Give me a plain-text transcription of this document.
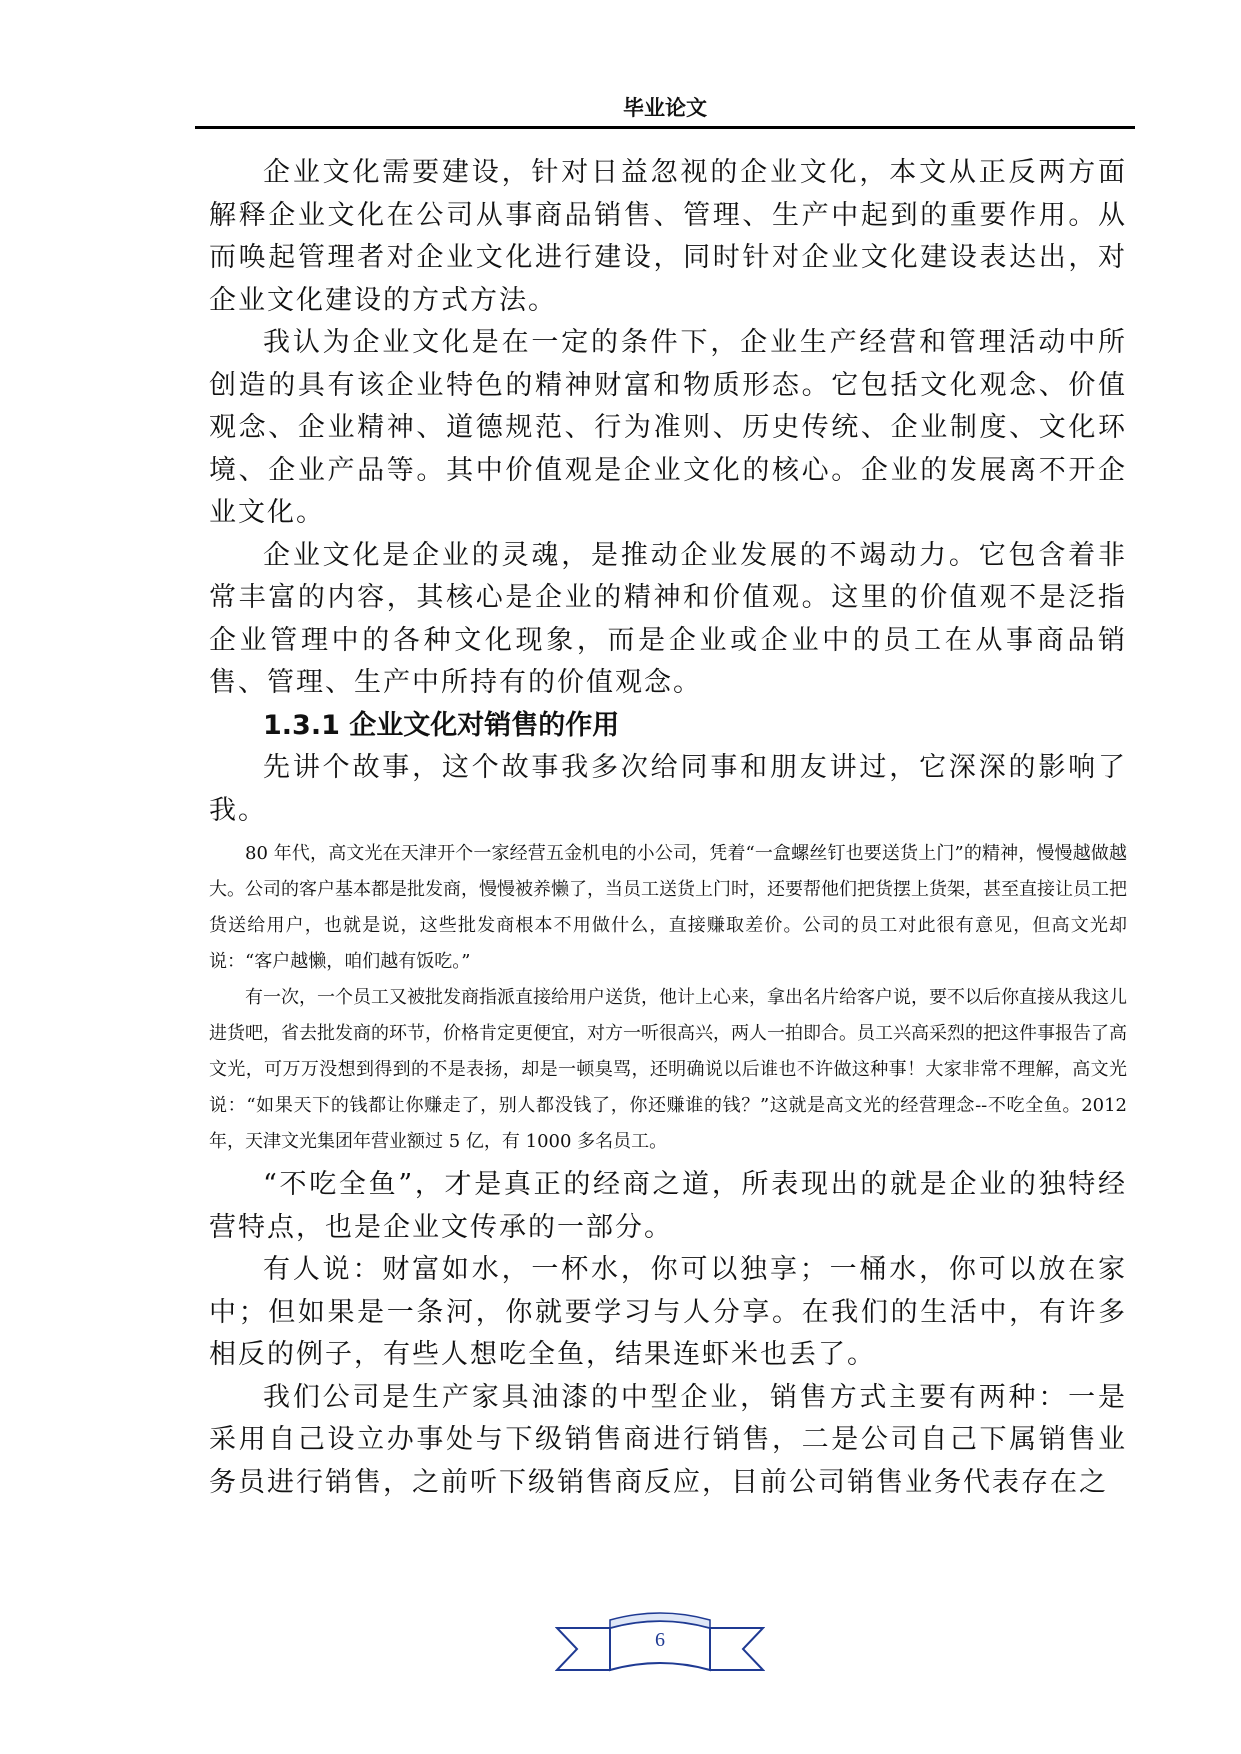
毕业论文

企业文化需要建设，针对日益忽视的企业文化，本文从正反两方面解释企业文化在公司从事商品销售、管理、生产中起到的重要作用。从而唤起管理者对企业文化进行建设，同时针对企业文化建设表达出，对企业文化建设的方式方法。

我认为企业文化是在一定的条件下，企业生产经营和管理活动中所创造的具有该企业特色的精神财富和物质形态。它包括文化观念、价值观念、企业精神、道德规范、行为准则、历史传统、企业制度、文化环境、企业产品等。其中价值观是企业文化的核心。企业的发展离不开企业文化。

企业文化是企业的灵魂，是推动企业发展的不竭动力。它包含着非常丰富的内容，其核心是企业的精神和价值观。这里的价值观不是泛指企业管理中的各种文化现象，而是企业或企业中的员工在从事商品销售、管理、生产中所持有的价值观念。

1.3.1 企业文化对销售的作用

先讲个故事，这个故事我多次给同事和朋友讲过，它深深的影响了我。

80 年代，高文光在天津开个一家经营五金机电的小公司，凭着“一盒螺丝钉也要送货上门”的精神，慢慢越做越大。公司的客户基本都是批发商，慢慢被养懒了，当员工送货上门时，还要帮他们把货摆上货架，甚至直接让员工把货送给用户，也就是说，这些批发商根本不用做什么，直接赚取差价。公司的员工对此很有意见，但高文光却说：“客户越懒，咱们越有饭吃。”

有一次，一个员工又被批发商指派直接给用户送货，他计上心来，拿出名片给客户说，要不以后你直接从我这儿进货吧，省去批发商的环节，价格肯定更便宜，对方一听很高兴，两人一拍即合。员工兴高采烈的把这件事报告了高文光，可万万没想到得到的不是表扬，却是一顿臭骂，还明确说以后谁也不许做这种事！大家非常不理解，高文光说：“如果天下的钱都让你赚走了，别人都没钱了，你还赚谁的钱？”这就是高文光的经营理念--不吃全鱼。2012 年，天津文光集团年营业额过 5 亿，有 1000 多名员工。

“不吃全鱼”，才是真正的经商之道，所表现出的就是企业的独特经营特点，也是企业文传承的一部分。

有人说：财富如水，一杯水，你可以独享；一桶水，你可以放在家中；但如果是一条河，你就要学习与人分享。在我们的生活中，有许多相反的例子，有些人想吃全鱼，结果连虾米也丢了。

我们公司是生产家具油漆的中型企业，销售方式主要有两种：一是采用自己设立办事处与下级销售商进行销售，二是公司自己下属销售业务员进行销售，之前听下级销售商反应，目前公司销售业务代表存在之

6
